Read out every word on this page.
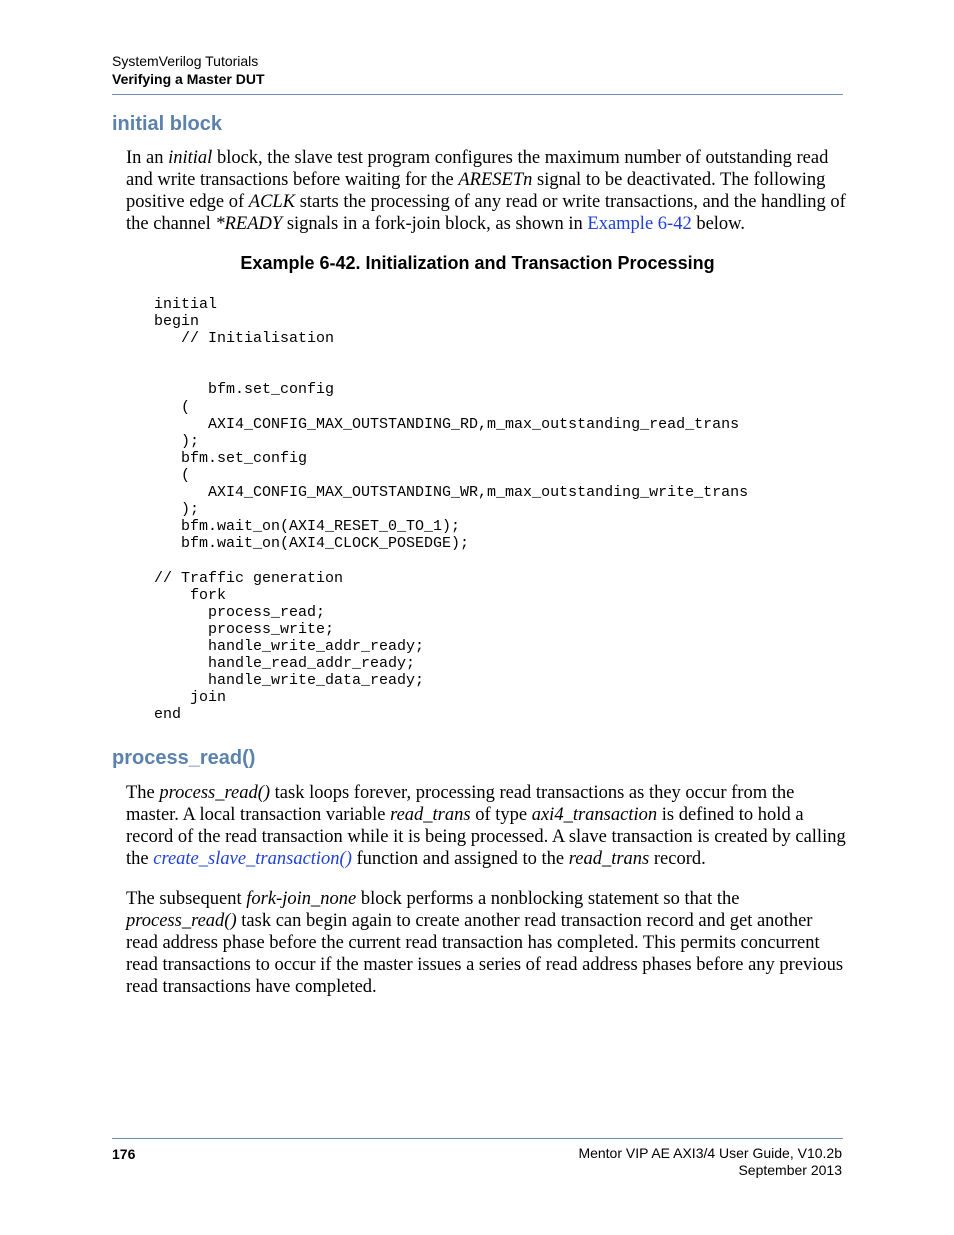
SystemVerilog Tutorials
Verifying a Master DUT
initial block

In an initial block, the slave test program configures the maximum number of outstanding read and write transactions before waiting for the ARESETn signal to be deactivated. The following positive edge of ACLK starts the processing of any read or write transactions, and the handling of the channel *READY signals in a fork-join block, as shown in Example 6-42 below.

Example 6-42. Initialization and Transaction Processing
initial
begin
// Initialisation
bfm.set_config
(
AXI4_CONFIG_MAX_OUTSTANDING_RD,m_max_outstanding_read_trans
);
bfm.set_config
(
AXI4_CONFIG_MAX_OUTSTANDING_WR,m_max_outstanding_write_trans
);
bfm.wait_on(AXI4_RESET_0_TO_1);
bfm.wait_on(AXI4_CLOCK_POSEDGE);
// Traffic generation
fork
process_read;
process_write;
handle_write_addr_ready;
handle_read_addr_ready;
handle_write_data_ready;
join
end
process_read()

The process_read() task loops forever, processing read transactions as they occur from the master. A local transaction variable read_trans of type axi4_transaction is defined to hold a record of the read transaction while it is being processed. A slave transaction is created by calling the create_slave_transaction() function and assigned to the read_trans record.

The subsequent fork-join_none block performs a nonblocking statement so that the process_read() task can begin again to create another read transaction record and get another read address phase before the current read transaction has completed. This permits concurrent read transactions to occur if the master issues a series of read address phases before any previous read transactions have completed.

176	Mentor VIP AE AXI3/4 User Guide, V10.2b
September 2013
